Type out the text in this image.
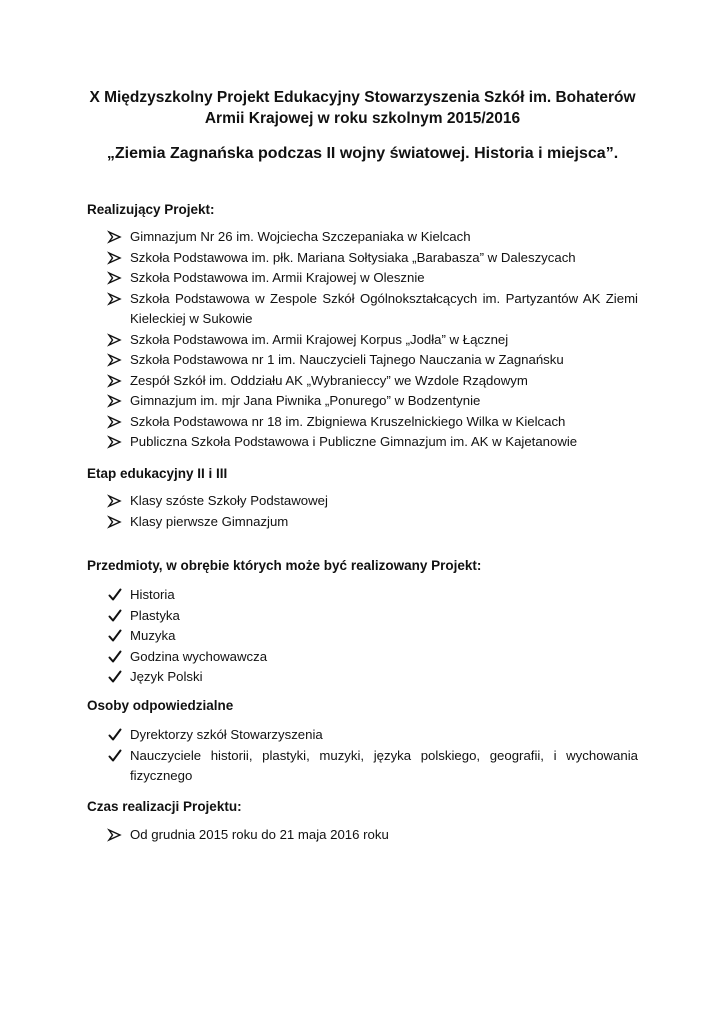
X Międzyszkolny Projekt Edukacyjny Stowarzyszenia Szkół im. Bohaterów
Armii Krajowej w roku szkolnym 2015/2016
„Ziemia Zagnańska podczas II wojny światowej. Historia i miejsca”.
Realizujący Projekt:
Gimnazjum Nr 26 im. Wojciecha Szczepaniaka w Kielcach
Szkoła Podstawowa im. płk. Mariana Sołtysiaka „Barabasza” w Daleszycach
Szkoła Podstawowa im. Armii Krajowej w Olesznie
Szkoła Podstawowa w Zespole Szkół Ogólnokształcących im. Partyzantów AK Ziemi Kieleckiej w Sukowie
Szkoła Podstawowa im. Armii Krajowej Korpus „Jodła” w Łącznej
Szkoła Podstawowa nr 1 im. Nauczycieli Tajnego Nauczania w Zagnańsku
Zespół Szkół im. Oddziału AK „Wybranieccy” we Wzdole Rządowym
Gimnazjum im. mjr Jana Piwnika „Ponurego” w Bodzentynie
Szkoła Podstawowa nr 18 im. Zbigniewa Kruszelnickiego Wilka w Kielcach
Publiczna Szkoła Podstawowa i Publiczne Gimnazjum im. AK w Kajetanowie
Etap edukacyjny II i III
Klasy szóste Szkoły Podstawowej
Klasy pierwsze Gimnazjum
Przedmioty, w obrębie których może być realizowany Projekt:
Historia
Plastyka
Muzyka
Godzina wychowawcza
Język Polski
Osoby odpowiedzialne
Dyrektorzy szkół Stowarzyszenia
Nauczyciele historii, plastyki, muzyki, języka polskiego, geografii, i wychowania fizycznego
Czas realizacji Projektu:
Od grudnia 2015 roku do 21 maja 2016 roku
